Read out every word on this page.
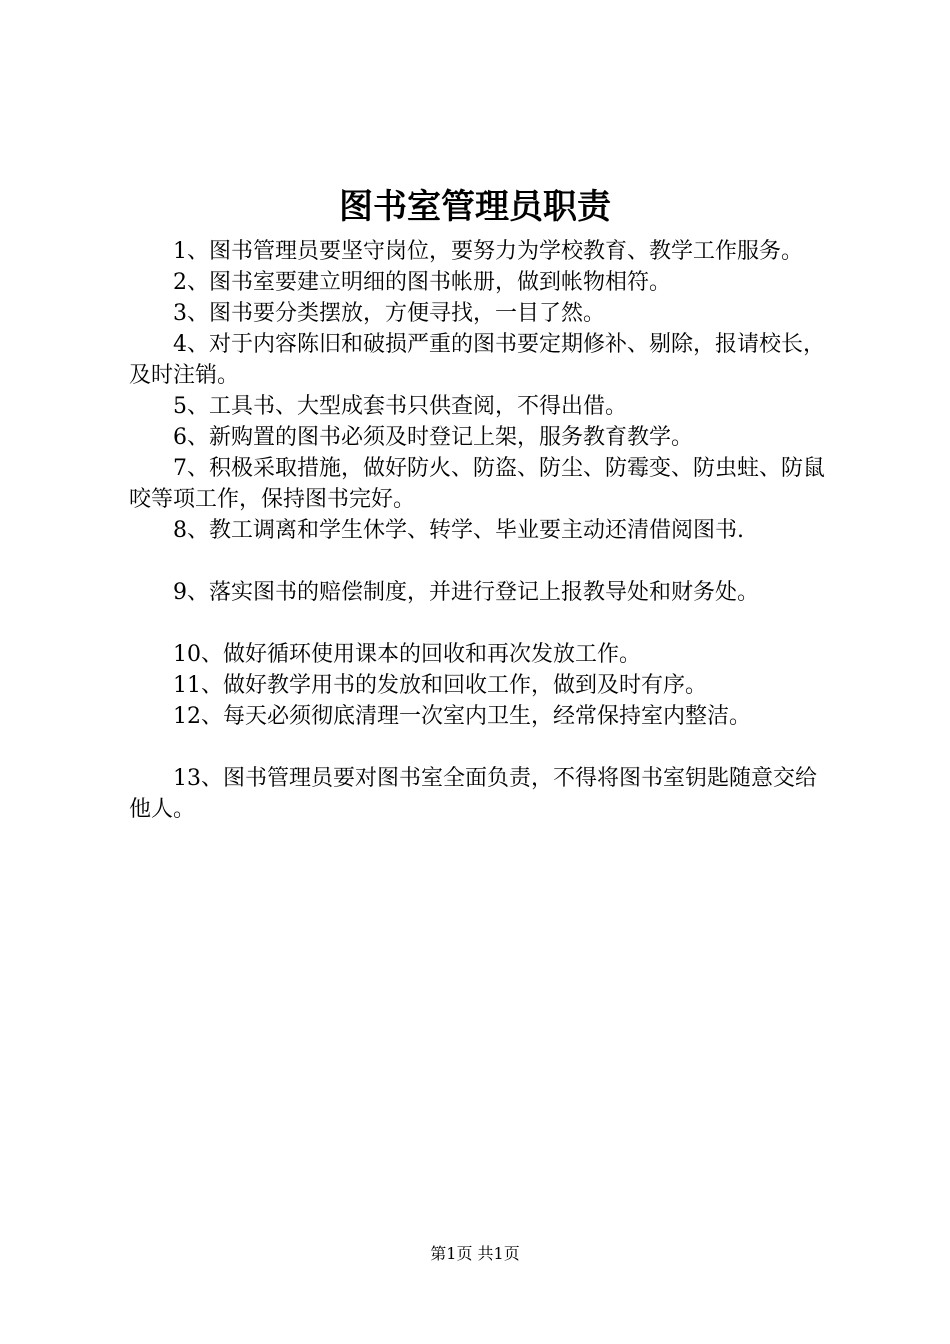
图书室管理员职责

1、图书管理员要坚守岗位，要努力为学校教育、教学工作服务。

2、图书室要建立明细的图书帐册，做到帐物相符。

3、图书要分类摆放，方便寻找，一目了然。

4、对于内容陈旧和破损严重的图书要定期修补、剔除，报请校长，及时注销。

5、工具书、大型成套书只供查阅，不得出借。

6、新购置的图书必须及时登记上架，服务教育教学。

7、积极采取措施，做好防火、防盗、防尘、防霉变、防虫蛀、防鼠咬等项工作，保持图书完好。

8、教工调离和学生休学、转学、毕业要主动还清借阅图书.

9、落实图书的赔偿制度，并进行登记上报教导处和财务处。

10、做好循环使用课本的回收和再次发放工作。

11、做好教学用书的发放和回收工作，做到及时有序。

12、每天必须彻底清理一次室内卫生，经常保持室内整洁。

13、图书管理员要对图书室全面负责，不得将图书室钥匙随意交给他人。

第1页 共1页
